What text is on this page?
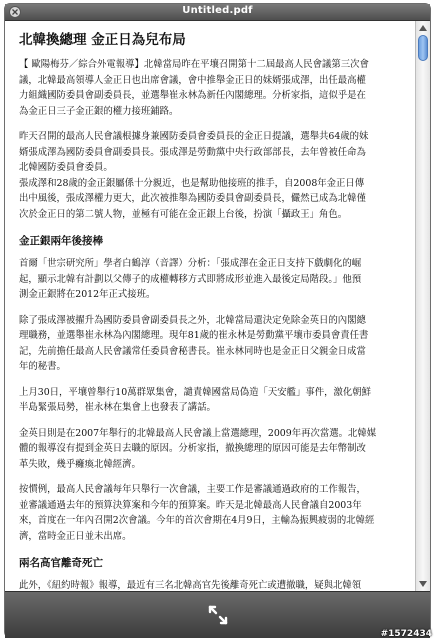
Untitled.pdf
北韓換總理 金正日為兒布局
【 歐陽梅芬／綜合外電報導】北韓當局昨在平壤召開第十二屆最高人民會議第三次會
議，北韓最高領導人金正日也出席會議，會中推舉金正日的妹婿張成澤，出任最高權
力組織國防委員會副委員長，並選舉崔永林為新任內閣總理。分析家指，這似乎是在
為金正日三子金正銀的權力接班鋪路。
昨天召開的最高人民會議根據身兼國防委員會委員長的金正日提議，選舉共64歲的妹
婿張成澤為國防委員會副委員長。張成澤是勞動黨中央行政部部長，去年曾被任命為
北韓國防委員會委員。
張成澤和28歲的金正銀屬係十分親近，也是幫助他接班的推手，自2008年金正日傳
出中風後，張成澤權力更大，此次被推舉為國防委員會副委員長，儼然已成為北韓僅
次於金正日的第二號人物，並極有可能在金正銀上台後，扮演「攝政王」角色。
金正銀兩年後接棒
首爾「世宗研究所」學者白鶴淳（音譯）分析：「張成澤在金正日支持下戲劇化的崛
起，顯示北韓有計劃以父傳子的成權轉移方式即將成形並進入最後定局階段。」他預
測金正銀將在2012年正式接班。
除了張成澤被擢升為國防委員會副委員長之外，北韓當局還決定免除金英日的內閣總
理職務，並選舉崔永林為內閣總理。現年81歲的崔永林是勞動黨平壤市委員會責任書
記，先前擔任最高人民會議常任委員會秘書長。崔永林同時也是金正日父親金日成當
年的秘書。
上月30日，平壤曾舉行10萬群眾集會，譴責韓國當局偽造「天安艦」事件，激化朝鮮
半島緊張局勢，崔永林在集會上也發表了講話。
金英日則是在2007年舉行的北韓最高人民會議上當選總理，2009年再次當選。北韓媒
體的報導沒有提到金英日去職的原因。分析家指，撤換總理的原因可能是去年幣制改
革失敗，幾乎癱瘓北韓經濟。
按慣例，最高人民會議每年只舉行一次會議，主要工作是審議通過政府的工作報告，
並審議通過去年的預算決算案和今年的預算案。昨天是北韓最高人民會議自2003年
來，首度在一年內召開2次會議。今年的首次會期在4月9日，主輸為振興疲弱的北韓經
濟，當時金正日並未出席。
兩名高官離奇死亡
此外，《紐約時報》報導，最近有三名北韓高官先後離奇死亡或遭撤職，疑與北韓領
#1572434
